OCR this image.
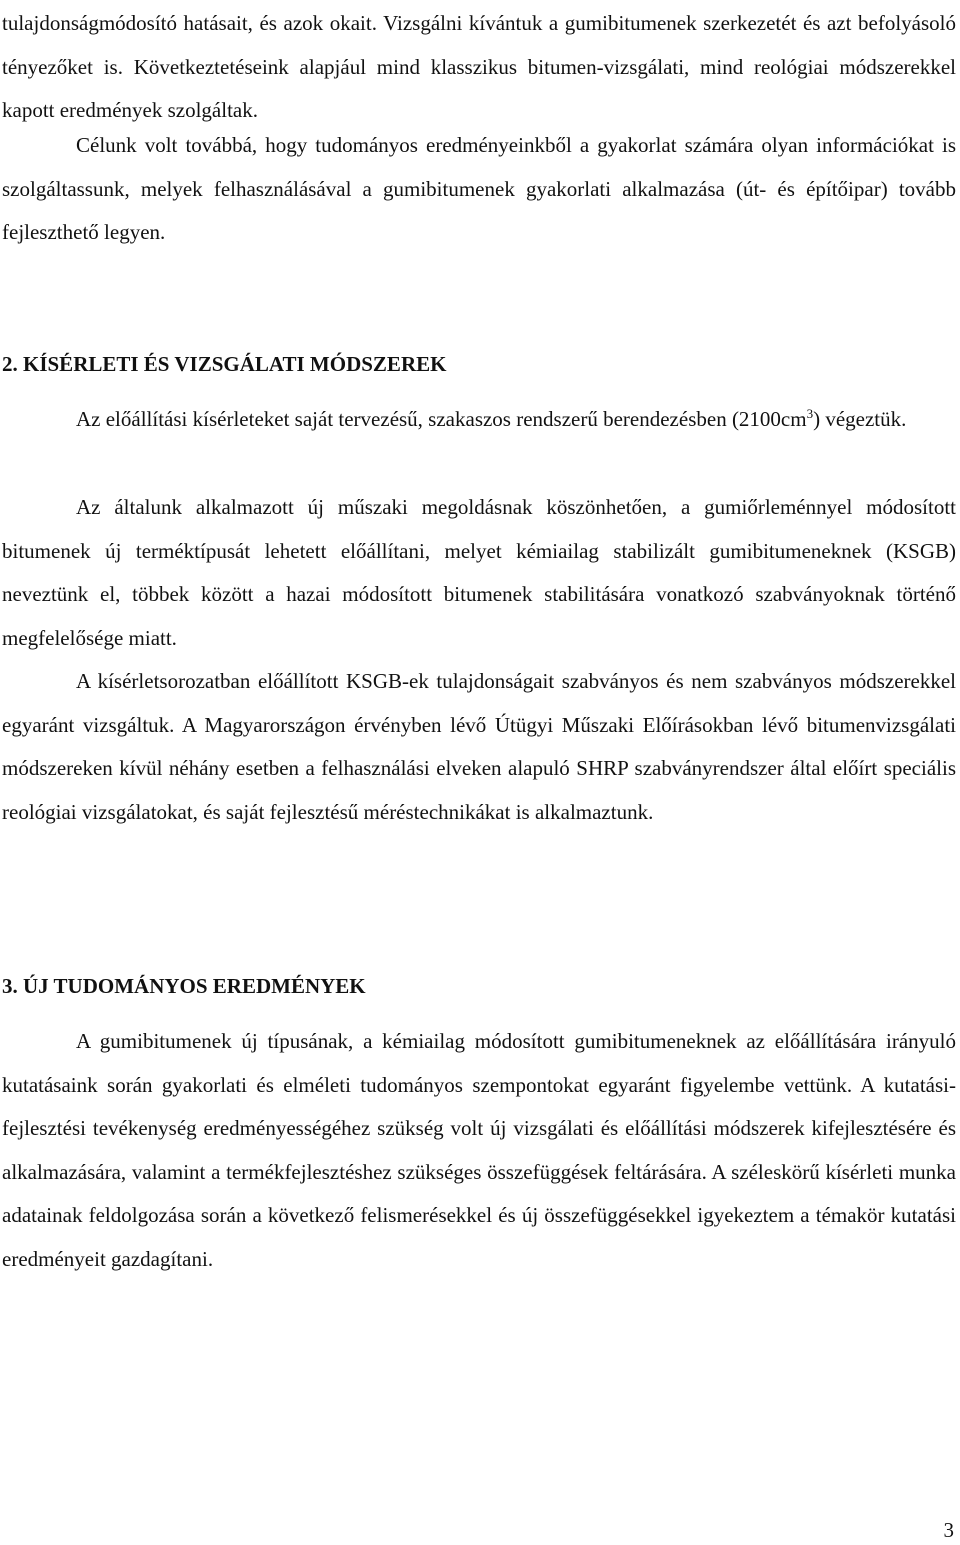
tulajdonságmódosító hatásait, és azok okait. Vizsgálni kívántuk a gumibitumenek szerkezetét és azt befolyásoló tényezőket is. Következtetéseink alapjául mind klasszikus bitumen-vizsgálati, mind reológiai módszerekkel kapott eredmények szolgáltak.

Célunk volt továbbá, hogy tudományos eredményeinkből a gyakorlat számára olyan információkat is szolgáltassunk, melyek felhasználásával a gumibitumenek gyakorlati alkalmazása (út- és építőipar) tovább fejleszthető legyen.

2. KÍSÉRLETI ÉS VIZSGÁLATI MÓDSZEREK

Az előállítási kísérleteket saját tervezésű, szakaszos rendszerű berendezésben $(2100cm^3)$ végeztük.

Az általunk alkalmazott új műszaki megoldásnak köszönhetően, a gumiőrleménnyel módosított bitumenek új terméktípusát lehetett előállítani, melyet kémiailag stabilizált gumibitumeneknek (KSGB) neveztünk el, többek között a hazai módosított bitumenek stabilitására vonatkozó szabványoknak történő megfelelősége miatt.

A kísérletsorozatban előállított KSGB-ek tulajdonságait szabványos és nem szabványos módszerekkel egyaránt vizsgáltuk. A Magyarországon érvényben lévő Útügyi Műszaki Előírásokban lévő bitumenvizsgálati módszereken kívül néhány esetben a felhasználási elveken alapuló SHRP szabványrendszer által előírt speciális reológiai vizsgálatokat, és saját fejlesztésű méréstechnikákat is alkalmaztunk.

3. ÚJ TUDOMÁNYOS EREDMÉNYEK

A gumibitumenek új típusának, a kémiailag módosított gumibitumeneknek az előállítására irányuló kutatásaink során gyakorlati és elméleti tudományos szempontokat egyaránt figyelembe vettünk. A kutatási-fejlesztési tevékenység eredményességéhez szükség volt új vizsgálati és előállítási módszerek kifejlesztésére és alkalmazására, valamint a termékfejlesztéshez szükséges összefüggések feltárására. A széleskörű kísérleti munka adatainak feldolgozása során a következő felismerésekkel és új összefüggésekkel igyekeztem a témakör kutatási eredményeit gazdagítani.

3
